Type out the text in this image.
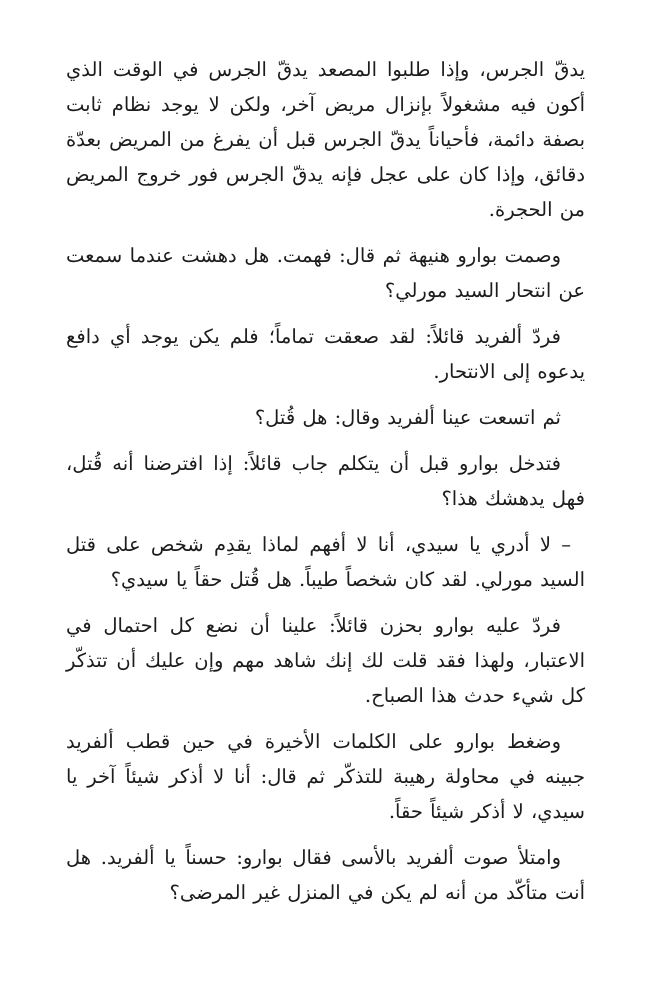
يدقّ الجرس، وإذا طلبوا المصعد يدقّ الجرس في الوقت الذي أكون فيه مشغولاً بإنزال مريض آخر، ولكن لا يوجد نظام ثابت بصفة دائمة، فأحياناً يدقّ الجرس قبل أن يفرغ من المريض بعدّة دقائق، وإذا كان على عجل فإنه يدقّ الجرس فور خروج المريض من الحجرة.

وصمت بوارو هنيهة ثم قال: فهمت. هل دهشت عندما سمعت عن انتحار السيد مورلي؟

فردّ ألفريد قائلاً: لقد صعقت تماماً؛ فلم يكن يوجد أي دافع يدعوه إلى الانتحار.

ثم اتسعت عينا ألفريد وقال: هل قُتل؟

فتدخل بوارو قبل أن يتكلم جاب قائلاً: إذا افترضنا أنه قُتل، فهل يدهشك هذا؟

– لا أدري يا سيدي، أنا لا أفهم لماذا يقدِم شخص على قتل السيد مورلي. لقد كان شخصاً طيباً. هل قُتل حقاً يا سيدي؟

فردّ عليه بوارو بحزن قائلاً: علينا أن نضع كل احتمال في الاعتبار، ولهذا فقد قلت لك إنك شاهد مهم وإن عليك أن تتذكّر كل شيء حدث هذا الصباح.

وضغط بوارو على الكلمات الأخيرة في حين قطب ألفريد جبينه في محاولة رهيبة للتذكّر ثم قال: أنا لا أذكر شيئاً آخر يا سيدي، لا أذكر شيئاً حقاً.

وامتلأ صوت ألفريد بالأسى فقال بوارو: حسناً يا ألفريد. هل أنت متأكّد من أنه لم يكن في المنزل غير المرضى؟
